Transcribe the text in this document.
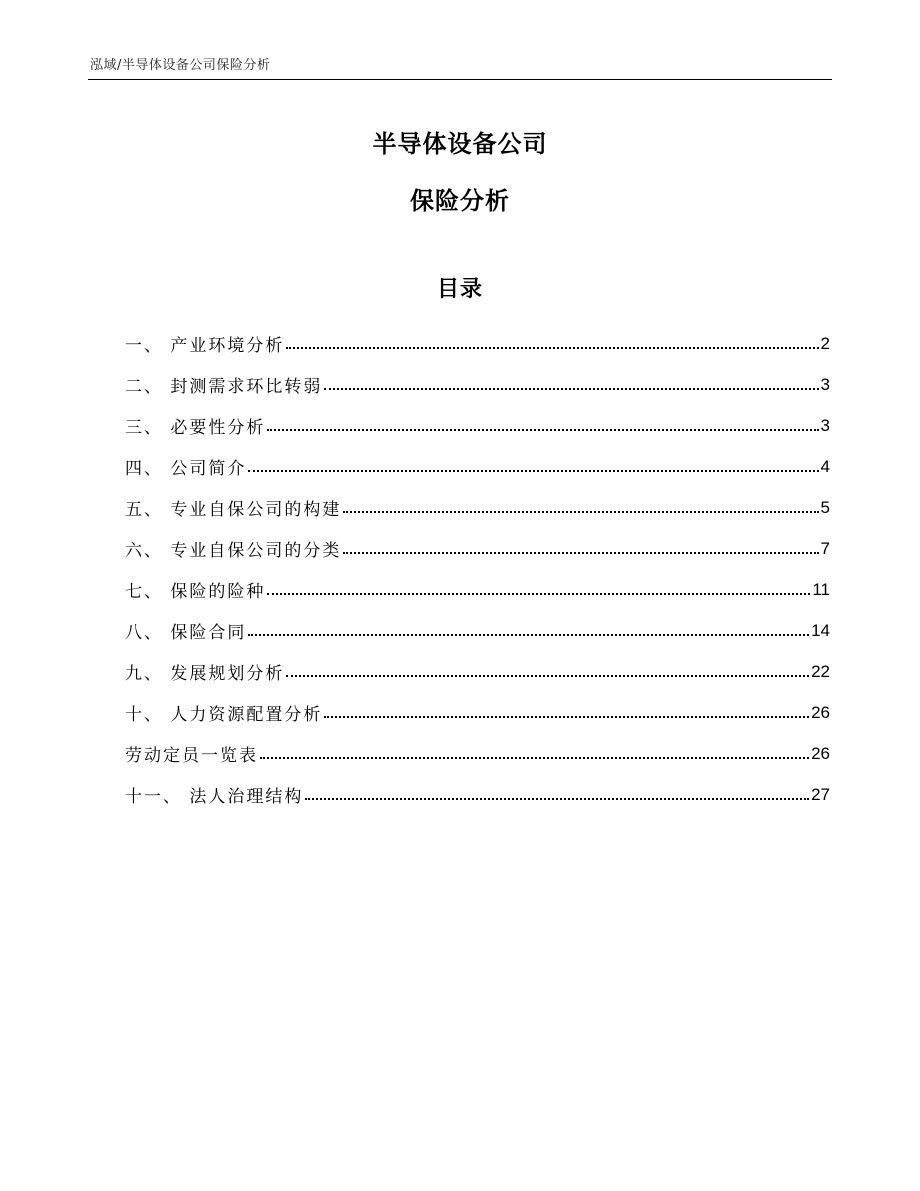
泓域/半导体设备公司保险分析
半导体设备公司
保险分析
目录
一、 产业环境分析	2
二、 封测需求环比转弱	3
三、 必要性分析	3
四、 公司简介	4
五、 专业自保公司的构建	5
六、 专业自保公司的分类	7
七、 保险的险种	11
八、 保险合同	14
九、 发展规划分析	22
十、 人力资源配置分析	26
劳动定员一览表	26
十一、 法人治理结构	27
